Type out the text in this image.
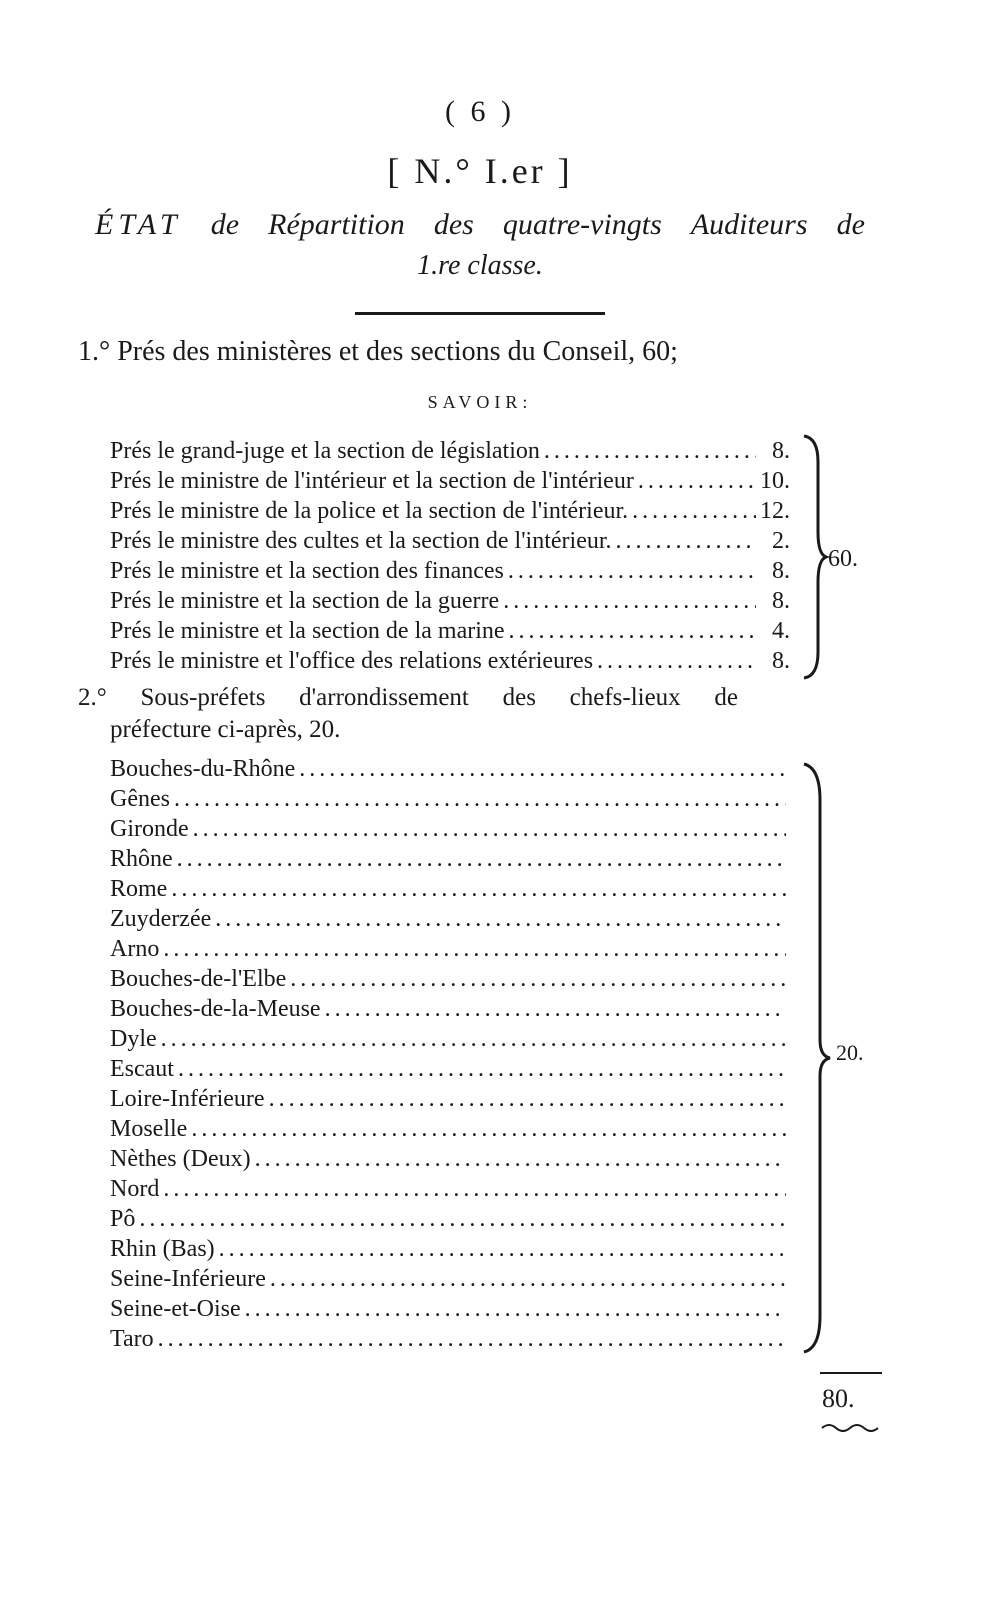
( 6 )
[ N.° I.er ]
ÉTAT de Répartition des quatre-vingts Auditeurs de
1.re classe.
1.° Prés des ministères et des sections du Conseil, 60;
SAVOIR:
Prés le grand-juge et la section de législation .....	8.
Prés le ministre de l'intérieur et la section de l'intérieur .....	10.
Prés le ministre de la police et la section de l'intérieur. .....	12.
Prés le ministre des cultes et la section de l'intérieur. .....	2.
Prés le ministre et la section des finances .....	8.
Prés le ministre et la section de la guerre .....	8.
Prés le ministre et la section de la marine .....	4.
Prés le ministre et l'office des relations extérieures .....	8.
60.
2.° Sous-préfets d'arrondissement des chefs-lieux de
préfecture ci-après, 20.
Bouches-du-Rhône
.....
Gênes
.....
Gironde
.....
Rhône
.....
Rome
.....
Zuyderzée
.....
Arno
.....
Bouches-de-l'Elbe
.....
Bouches-de-la-Meuse
.....
Dyle
.....
Escaut
.....
Loire-Inférieure
.....
Moselle
.....
Nèthes (Deux)
.....
Nord
.....
Pô
.....
Rhin (Bas)
.....
Seine-Inférieure
.....
Seine-et-Oise
.....
Taro
.....
20.
80.
